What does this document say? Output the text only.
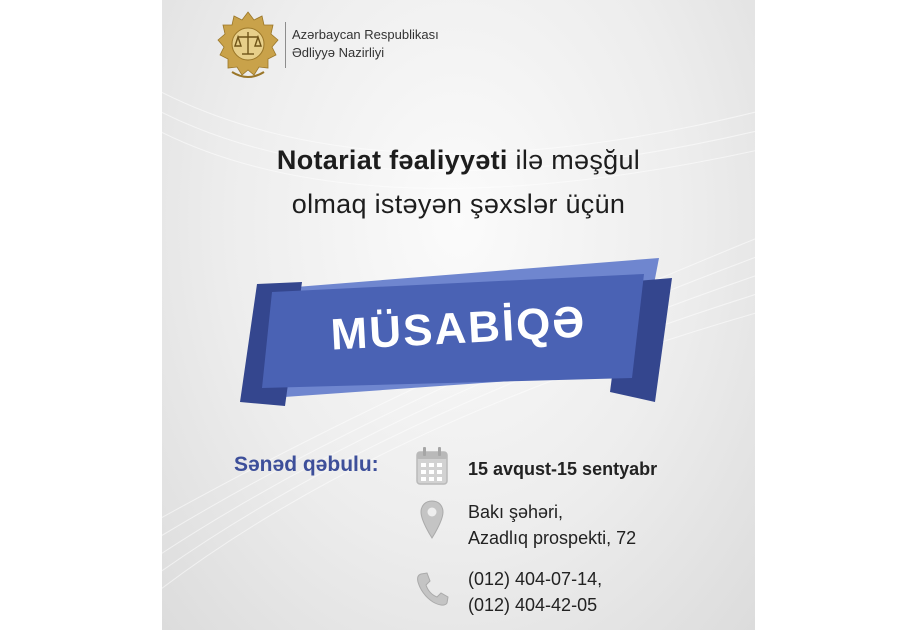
Azərbaycan Respublikası
Ədliyyə Nazirliyi
Notariat fəaliyyəti ilə məşğul
olmaq istəyən şəxslər üçün
MÜSABİQƏ
Sənəd qəbulu:	15 avqust-15 sentyabr
Bakı şəhəri,
Azadlıq prospekti, 72
(012) 404-07-14,
(012) 404-42-05
